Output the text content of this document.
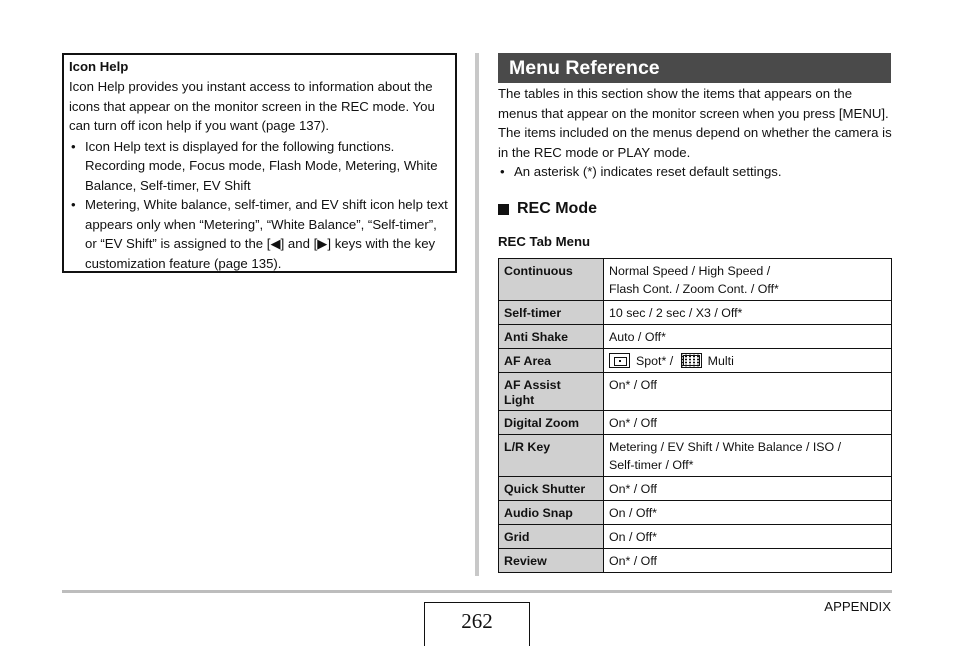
Icon Help

Icon Help provides you instant access to information about the icons that appear on the monitor screen in the REC mode. You can turn off icon help if you want (page 137).

• Icon Help text is displayed for the following functions. Recording mode, Focus mode, Flash Mode, Metering, White Balance, Self-timer, EV Shift
• Metering, White balance, self-timer, and EV shift icon help text appears only when “Metering”, “White Balance”, “Self-timer”, or “EV Shift” is assigned to the [◀] and [▶] keys with the key customization feature (page 135).
Menu Reference

The tables in this section show the items that appears on the menus that appear on the monitor screen when you press [MENU]. The items included on the menus depend on whether the camera is in the REC mode or PLAY mode.

• An asterisk (*) indicates reset default settings.
REC Mode
REC Tab Menu
Continuous	Normal Speed / High Speed /
Flash Cont. / Zoom Cont. / Off*

Self-timer	10 sec / 2 sec / X3 / Off*
Anti Shake	Auto / Off*
AF Area	Spot* / Multi

AF Assist
Light	On* / Off
Digital Zoom	On* / Off
L/R Key	Metering / EV Shift / White Balance / ISO /
Self-timer / Off*

Quick Shutter	On* / Off
Audio Snap	On / Off*
Grid	On / Off*
Review	On* / Off
APPENDIX
262
